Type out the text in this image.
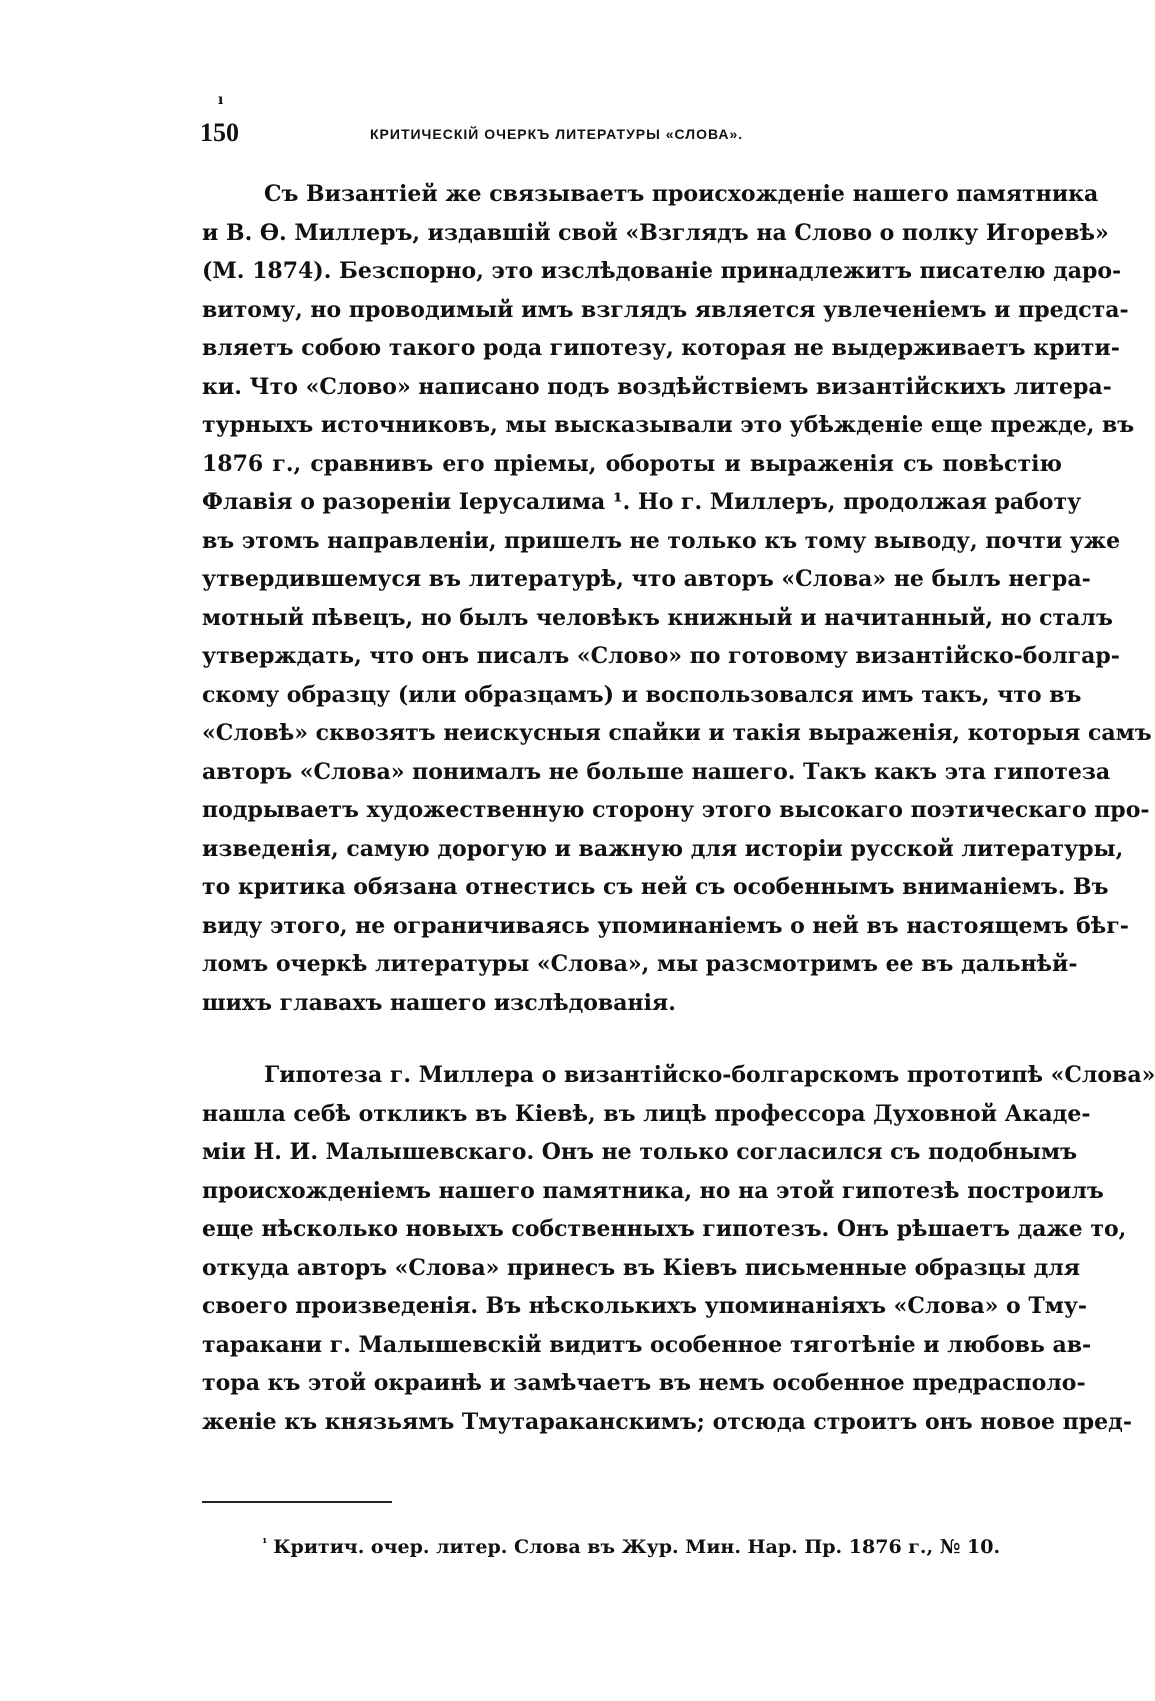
ı
150	КРИТИЧЕСКІЙ ОЧЕРКЪ ЛИТЕРАТУРЫ «СЛОВА».
Съ Византіей же связываетъ происхожденіе нашего памятника
и В. Ѳ. Миллеръ, издавшій свой «Взглядъ на Слово о полку Игоревѣ»
(М. 1874). Безспорно, это изслѣдованіе принадлежитъ писателю даро-
витому, но проводимый имъ взглядъ является увлеченіемъ и предста-
вляетъ собою такого рода гипотезу, которая не выдерживаетъ крити-
ки. Что «Слово» написано подъ воздѣйствіемъ византійскихъ литера-
турныхъ источниковъ, мы высказывали это убѣжденіе еще прежде, въ
1876 г., сравнивъ его пріемы, обороты и выраженія съ повѣстію
Флавія о разореніи Іерусалима ¹. Но г. Миллеръ, продолжая работу
въ этомъ направленіи, пришелъ не только къ тому выводу, почти уже
утвердившемуся въ литературѣ, что авторъ «Слова» не былъ негра-
мотный пѣвецъ, но былъ человѣкъ книжный и начитанный, но сталъ
утверждать, что онъ писалъ «Слово» по готовому византійско-болгар-
скому образцу (или образцамъ) и воспользовался имъ такъ, что въ
«Словѣ» сквозятъ неискусныя спайки и такія выраженія, которыя самъ
авторъ «Слова» понималъ не больше нашего. Такъ какъ эта гипотеза
подрываетъ художественную сторону этого высокаго поэтическаго про-
изведенія, самую дорогую и важную для исторіи русской литературы,
то критика обязана отнестись съ ней съ особеннымъ вниманіемъ. Въ
виду этого, не ограничиваясь упоминаніемъ о ней въ настоящемъ бѣг-
ломъ очеркѣ литературы «Слова», мы разсмотримъ ее въ дальнѣй-
шихъ главахъ нашего изслѣдованія.
Гипотеза г. Миллера о византійско-болгарскомъ прототипѣ «Слова»
нашла себѣ откликъ въ Кіевѣ, въ лицѣ профессора Духовной Акаде-
міи Н. И. Малышевскаго. Онъ не только согласился съ подобнымъ
происхожденіемъ нашего памятника, но на этой гипотезѣ построилъ
еще нѣсколько новыхъ собственныхъ гипотезъ. Онъ рѣшаетъ даже то,
откуда авторъ «Слова» принесъ въ Кіевъ письменные образцы для
своего произведенія. Въ нѣсколькихъ упоминаніяхъ «Слова» о Тму-
таракани г. Малышевскій видитъ особенное тяготѣніе и любовь ав-
тора къ этой окраинѣ и замѣчаетъ въ немъ особенное предрасполо-
женіе къ князьямъ Тмутараканскимъ; отсюда строитъ онъ новое пред-
$^{^1}$ Критич. очер. литер. Слова въ Жур. Мин. Нар. Пр. 1876 г., № 10.
